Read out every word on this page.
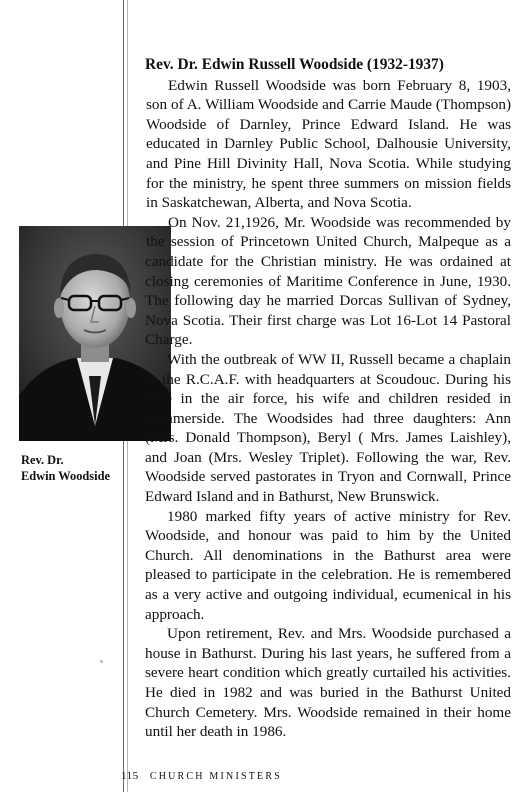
Rev. Dr.
Edwin Woodside
Rev. Dr. Edwin Russell Woodside (1932-1937)

Edwin Russell Woodside was born February 8, 1903, son of A. William Woodside and Carrie Maude (Thompson) Woodside of Darnley, Prince Edward Island. He was educated in Darnley Public School, Dalhousie University, and Pine Hill Divinity Hall, Nova Scotia. While studying for the ministry, he spent three summers on mission fields in Saskatchewan, Alberta, and Nova Scotia.

On Nov. 21,1926, Mr. Woodside was recommended by the session of Princetown United Church, Malpeque as a candidate for the Christian ministry. He was ordained at closing ceremonies of Maritime Conference in June, 1930. The following day he married Dorcas Sullivan of Sydney, Nova Scotia. Their first charge was Lot 16-Lot 14 Pastoral Charge.

With the outbreak of WW II, Russell became a chaplain in the R.C.A.F. with headquarters at Scoudouc. During his time in the air force, his wife and children resided in Summerside. The Woodsides had three daughters: Ann (Mrs. Donald Thompson), Beryl ( Mrs. James Laishley), and Joan (Mrs. Wesley Triplet). Following the war, Rev. Woodside served pastorates in Tryon and Cornwall, Prince Edward Island and in Bathurst, New Brunswick.

1980 marked fifty years of active ministry for Rev. Woodside, and honour was paid to him by the United Church. All denominations in the Bathurst area were pleased to participate in the celebration. He is remembered as a very active and outgoing individual, ecumenical in his approach.

Upon retirement, Rev. and Mrs. Woodside purchased a house in Bathurst. During his last years, he suffered from a severe heart condition which greatly curtailed his activities. He died in 1982 and was buried in the Bathurst United Church Cemetery. Mrs. Woodside remained in their home until her death in 1986.

115 CHURCH MINISTERS
